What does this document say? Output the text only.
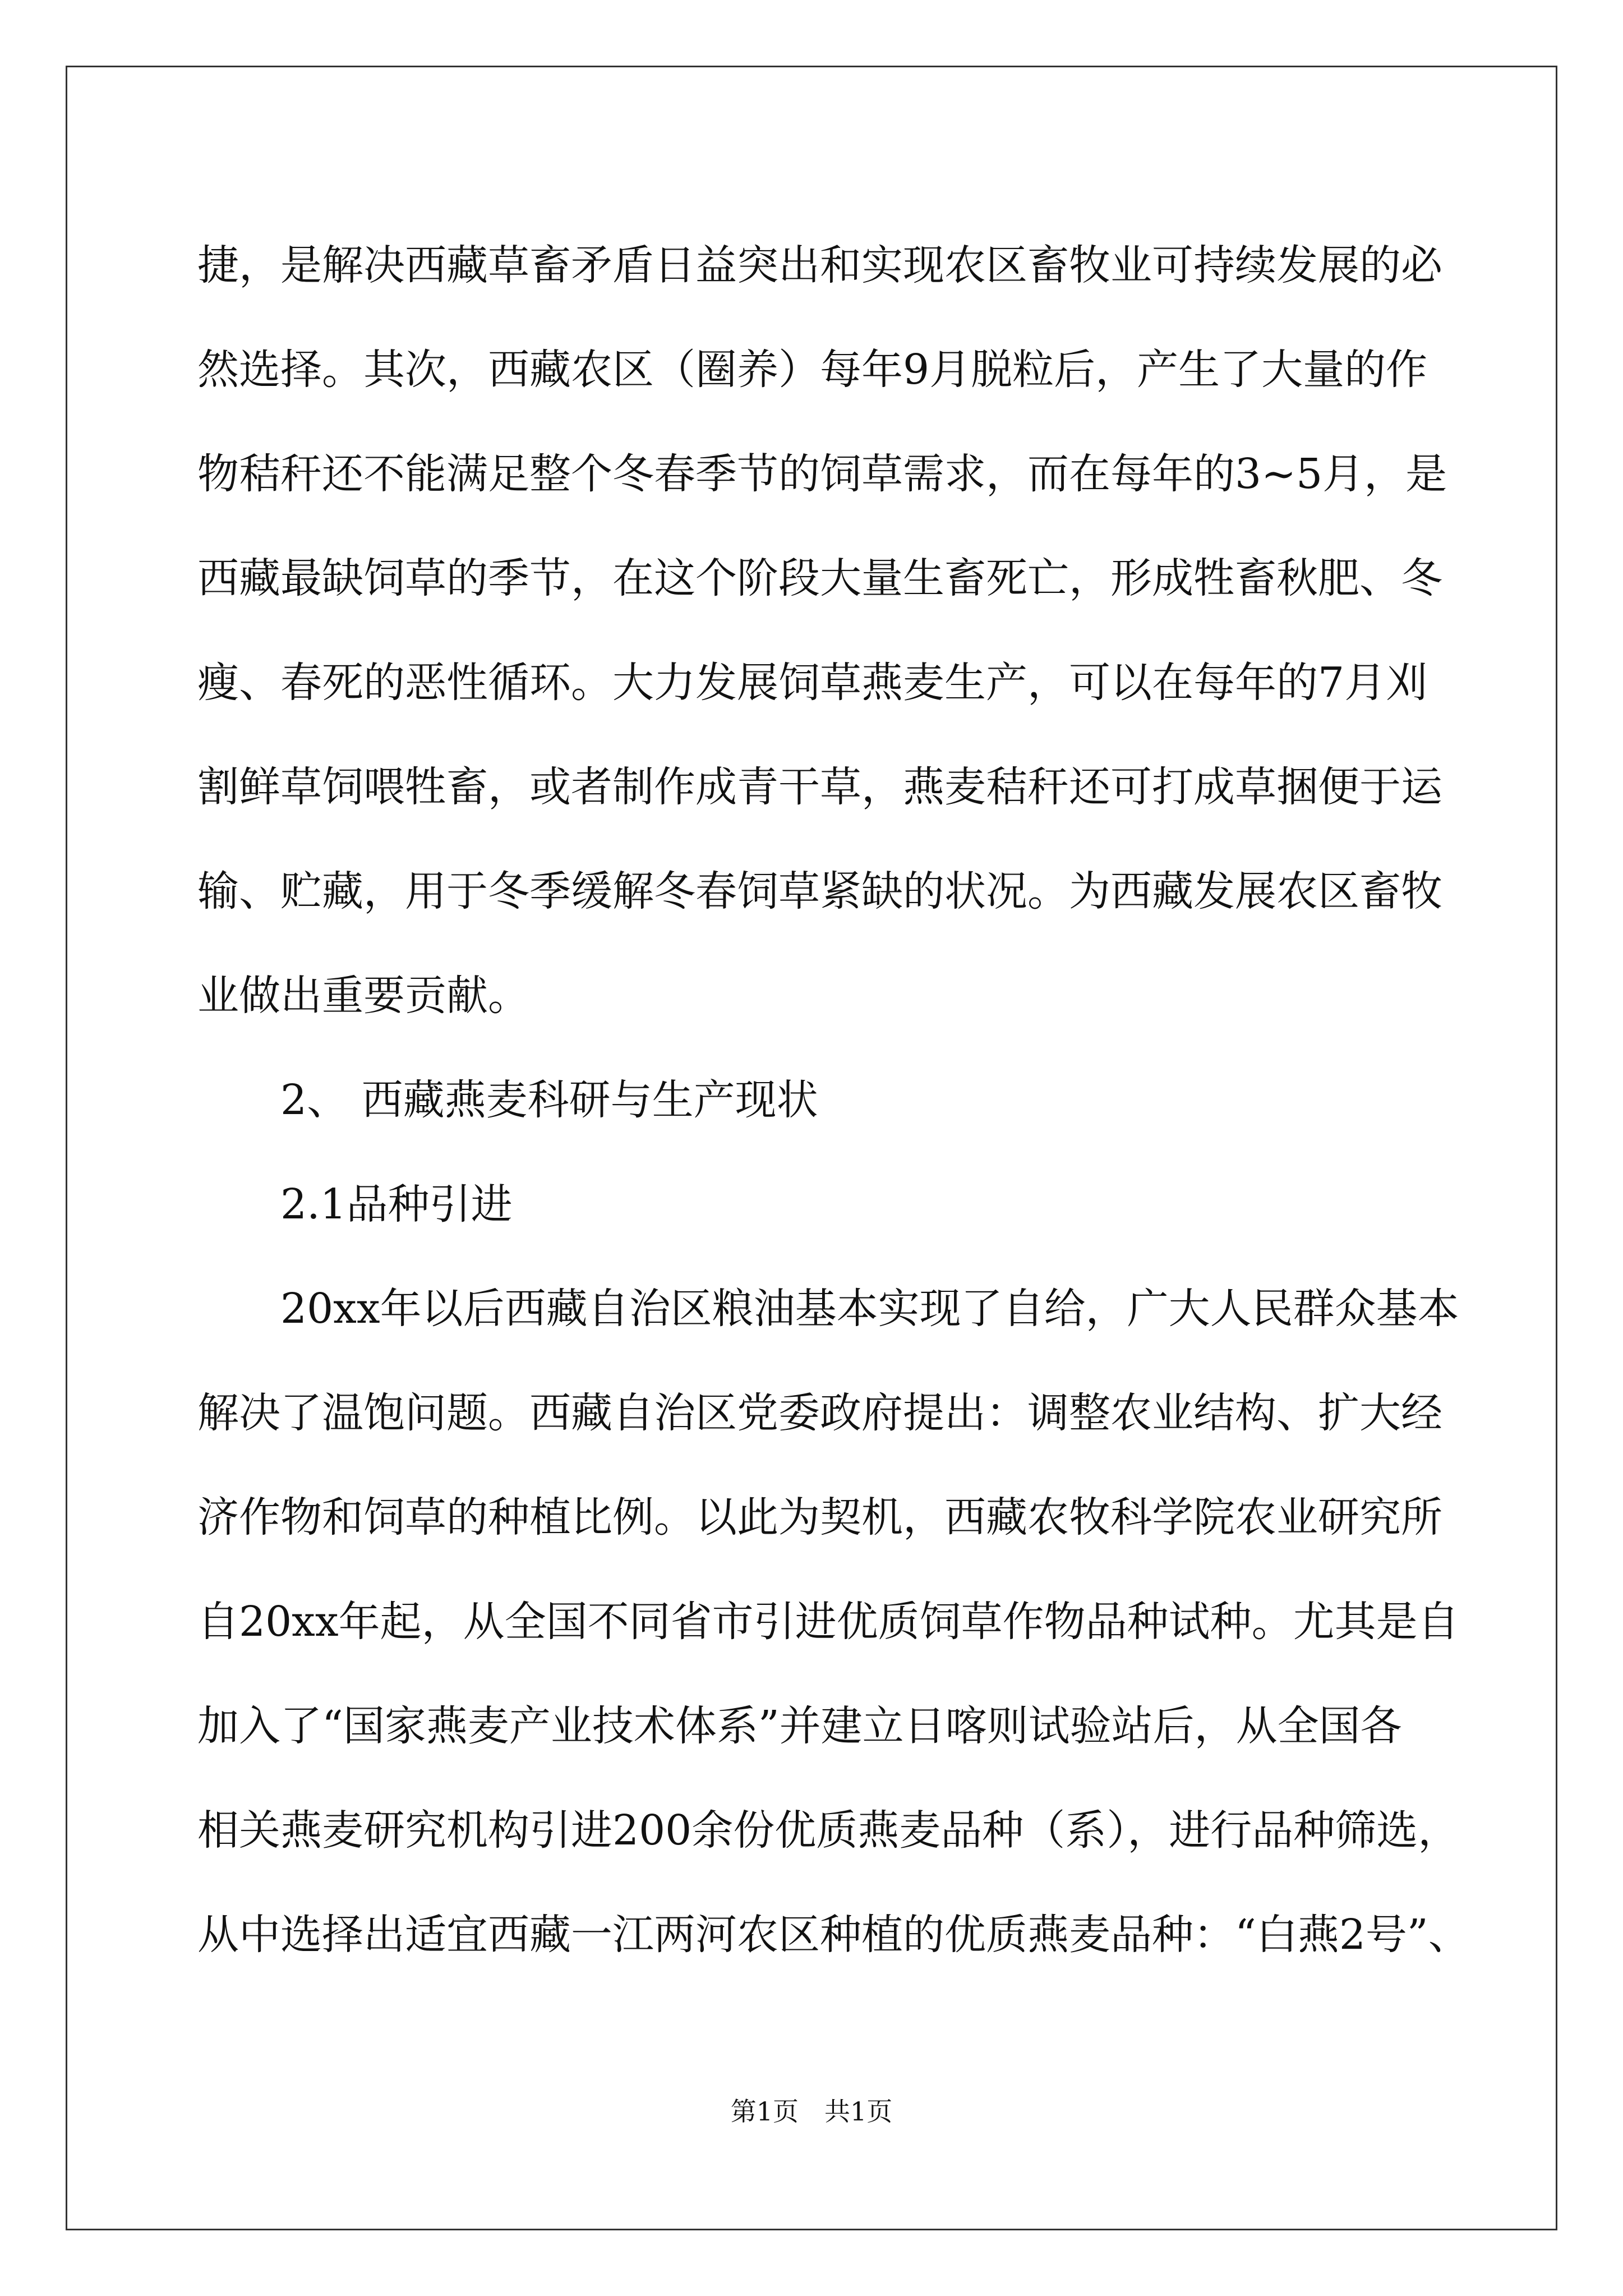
捷，是解决西藏草畜矛盾日益突出和实现农区畜牧业可持续发展的必
然选择。其次，西藏农区（圈养）每年9月脱粒后，产生了大量的作
物秸秆还不能满足整个冬春季节的饲草需求，而在每年的3~5月，是
西藏最缺饲草的季节，在这个阶段大量生畜死亡，形成牲畜秋肥、冬
瘦、春死的恶性循环。大力发展饲草燕麦生产，可以在每年的7月刈
割鲜草饲喂牲畜，或者制作成青干草，燕麦秸秆还可打成草捆便于运
输、贮藏，用于冬季缓解冬春饲草紧缺的状况。为西藏发展农区畜牧
业做出重要贡献。
2、 西藏燕麦科研与生产现状
2.1品种引进
20xx年以后西藏自治区粮油基本实现了自给，广大人民群众基本
解决了温饱问题。西藏自治区党委政府提出：调整农业结构、扩大经
济作物和饲草的种植比例。以此为契机，西藏农牧科学院农业研究所
自20xx年起，从全国不同省市引进优质饲草作物品种试种。尤其是自
加入了“国家燕麦产业技术体系”并建立日喀则试验站后，从全国各
相关燕麦研究机构引进200余份优质燕麦品种（系），进行品种筛选，
从中选择出适宜西藏一江两河农区种植的优质燕麦品种：“白燕2号”、
第1页　共1页
